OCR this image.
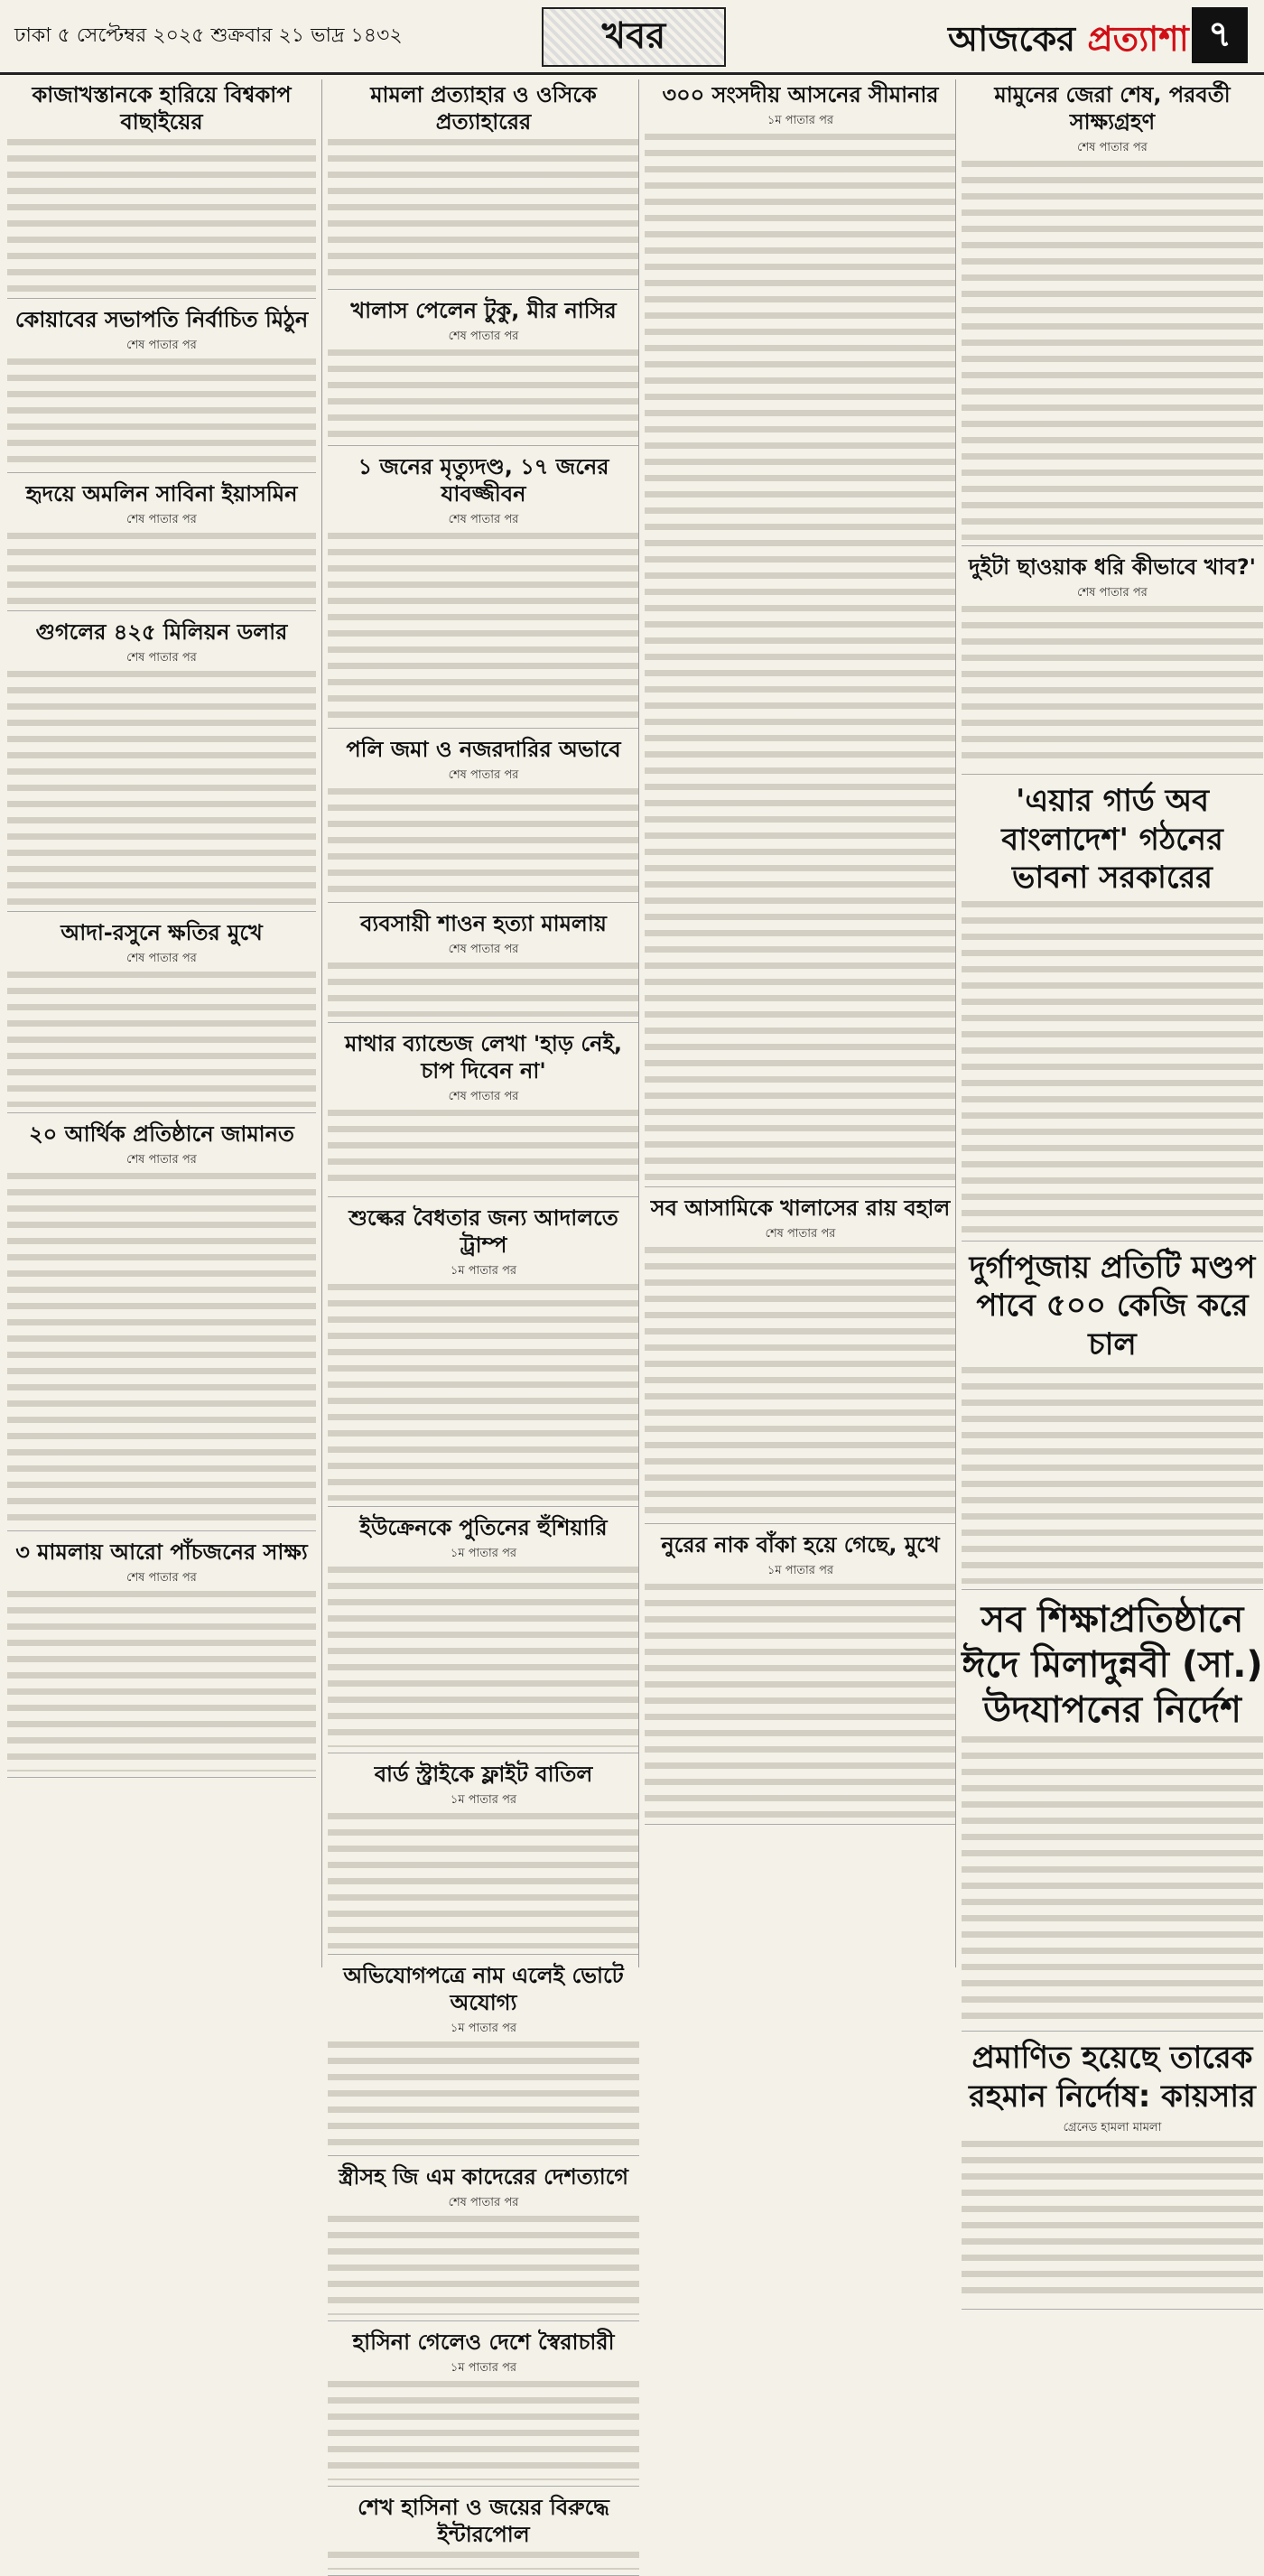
ঢাকা ৫ সেপ্টেম্বর ২০২৫ শুক্রবার ২১ ভাদ্র ১৪৩২	খবর	আজকের প্রত্যাশা ৭
কাজাখস্তানকে হারিয়ে বিশ্বকাপ বাছাইয়ের

কোয়াবের সভাপতি নির্বাচিত মিঠুন
শেষ পাতার পর

হৃদয়ে অমলিন সাবিনা ইয়াসমিন
শেষ পাতার পর

গুগলের ৪২৫ মিলিয়ন ডলার
শেষ পাতার পর

আদা-রসুনে ক্ষতির মুখে
শেষ পাতার পর

২০ আর্থিক প্রতিষ্ঠানে জামানত
শেষ পাতার পর

৩ মামলায় আরো পাঁচজনের সাক্ষ্য
শেষ পাতার পর

মামলা প্রত্যাহার ও ওসিকে প্রত্যাহারের

খালাস পেলেন টুকু, মীর নাসির
শেষ পাতার পর

১ জনের মৃত্যুদণ্ড, ১৭ জনের যাবজ্জীবন
শেষ পাতার পর

পলি জমা ও নজরদারির অভাবে
শেষ পাতার পর

ব্যবসায়ী শাওন হত্যা মামলায়
শেষ পাতার পর

মাথার ব্যান্ডেজ লেখা 'হাড় নেই, চাপ দিবেন না'
শেষ পাতার পর

শুল্কের বৈধতার জন্য আদালতে ট্রাম্প
১ম পাতার পর

ইউক্রেনকে পুতিনের হুঁশিয়ারি
১ম পাতার পর

বার্ড স্ট্রাইকে ফ্লাইট বাতিল
১ম পাতার পর

অভিযোগপত্রে নাম এলেই ভোটে অযোগ্য
১ম পাতার পর

স্ত্রীসহ জি এম কাদেরের দেশত্যাগে
শেষ পাতার পর

হাসিনা গেলেও দেশে স্বৈরাচারী
১ম পাতার পর

শেখ হাসিনা ও জয়ের বিরুদ্ধে ইন্টারপোল

৩০০ সংসদীয় আসনের সীমানার
১ম পাতার পর

সব আসামিকে খালাসের রায় বহাল
শেষ পাতার পর

নুরের নাক বাঁকা হয়ে গেছে, মুখে
১ম পাতার পর

মামুনের জেরা শেষ, পরবর্তী সাক্ষ্যগ্রহণ
শেষ পাতার পর

দুইটা ছাওয়াক ধরি কীভাবে খাব?'
শেষ পাতার পর

'এয়ার গার্ড অব বাংলাদেশ' গঠনের ভাবনা সরকারের

দুর্গাপূজায় প্রতিটি মণ্ডপ পাবে ৫০০ কেজি করে চাল

সব শিক্ষাপ্রতিষ্ঠানে ঈদে মিলাদুন্নবী (সা.) উদযাপনের নির্দেশ

প্রমাণিত হয়েছে তারেক রহমান নির্দোষ: কায়সার
গ্রেনেড হামলা মামলা
